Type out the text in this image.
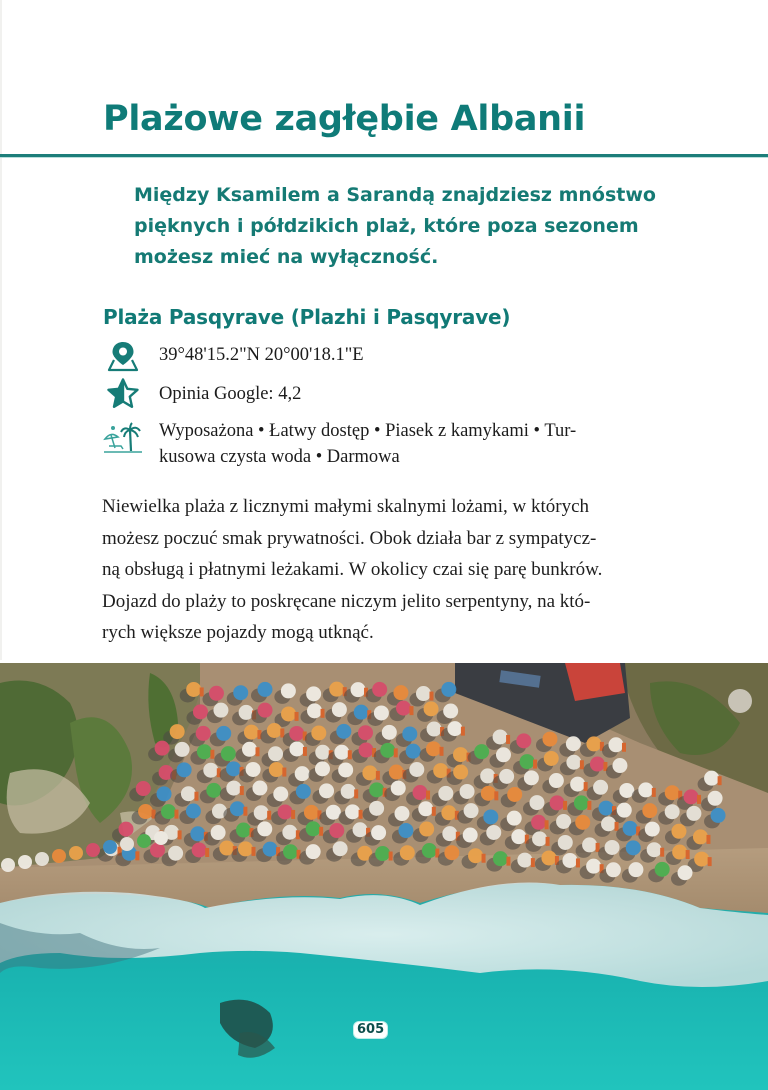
Plażowe zagłębie Albanii

Między Ksamilem a Sarandą znajdziesz mnóstwo
pięknych i półdzikich plaż, które poza sezonem
możesz mieć na wyłączność.

Plaża Pasqyrave (Plazhi i Pasqyrave)
39°48'15.2"N 20°00'18.1"E
Opinia Google: 4,2
Wyposażona • Łatwy dostęp • Piasek z kamykami • Tur-
kusowa czysta woda • Darmowa

Niewielka plaża z licznymi małymi skalnymi lożami, w których
możesz poczuć smak prywatności. Obok działa bar z sympatycz-
ną obsługą i płatnymi leżakami. W okolicy czai się parę bunkrów.
Dojazd do plaży to poskręcane niczym jelito serpentyny, na któ-
rych większe pojazdy mogą utknąć.

605
